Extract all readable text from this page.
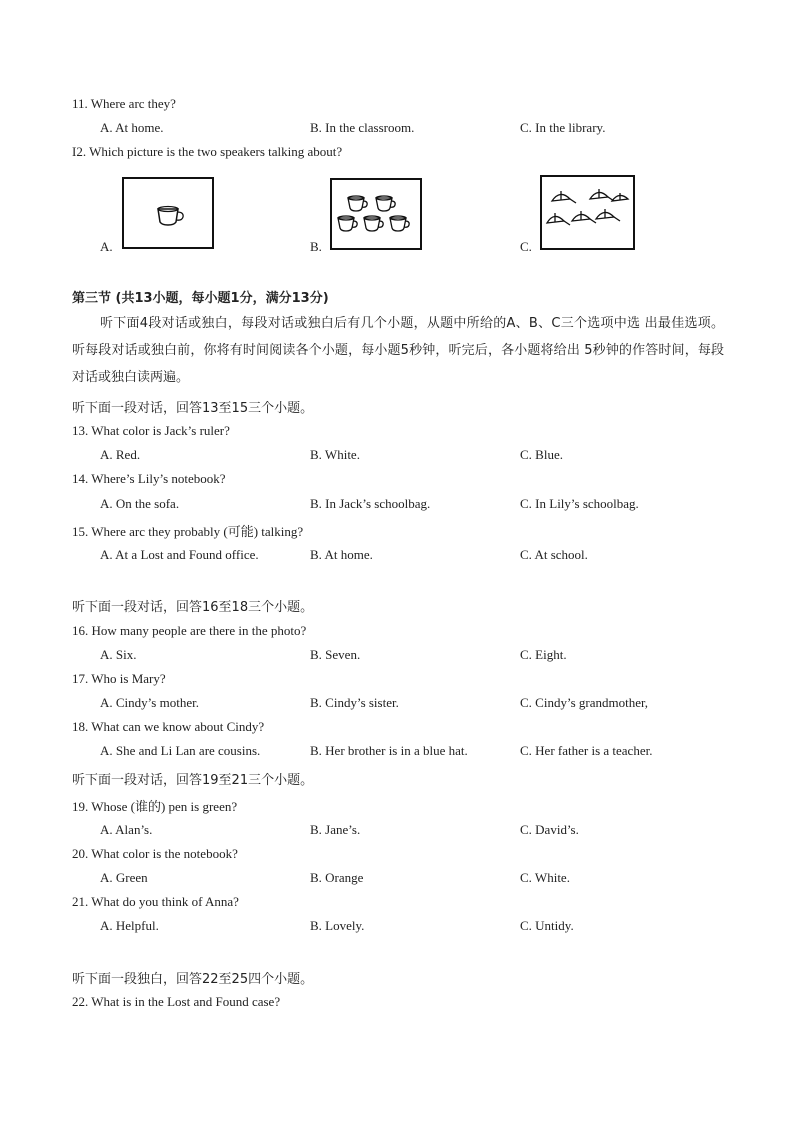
11. Where arc they?
A. At home.	B. In the classroom.	C. In the library.
I2. Which picture is the two speakers talking about?
A.	B.	C.
第三节 (共13小题，每小题1分，满分13分)
听下面4段对话或独白，每段对话或独白后有几个小题，从题中所给的A、B、C三个选项中选 出最佳选项。听每段对话或独白前，你将有时间阅读各个小题，每小题5秒钟，听完后，各小题将给出 5秒钟的作答时间，每段对话或独白读两遍。
听下面一段对话，回答13至15三个小题。
13. What color is Jack’s ruler?
A. Red.	B. White.	C. Blue.
14. Where’s Lily’s notebook?
A. On the sofa.	B. In Jack’s schoolbag.	C. In Lily’s schoolbag.
15. Where arc they probably (可能) talking?
A. At a Lost and Found office.	B. At home.	C. At school.
听下面一段对话，回答16至18三个小题。
16. How many people are there in the photo?
A. Six.	B. Seven.	C. Eight.
17. Who is Mary?
A. Cindy’s mother.	B. Cindy’s sister.	C. Cindy’s grandmother,
18. What can we know about Cindy?
A. She and Li Lan are cousins.	B. Her brother is in a blue hat.	C. Her father is a teacher.
听下面一段对话，回答19至21三个小题。
19. Whose (谁的) pen is green?
A. Alan’s.	B. Jane’s.	C. David’s.
20. What color is the notebook?
A. Green	B. Orange	C. White.
21. What do you think of Anna?
A. Helpful.	B. Lovely.	C. Untidy.
听下面一段独白，回答22至25四个小题。
22. What is in the Lost and Found case?
